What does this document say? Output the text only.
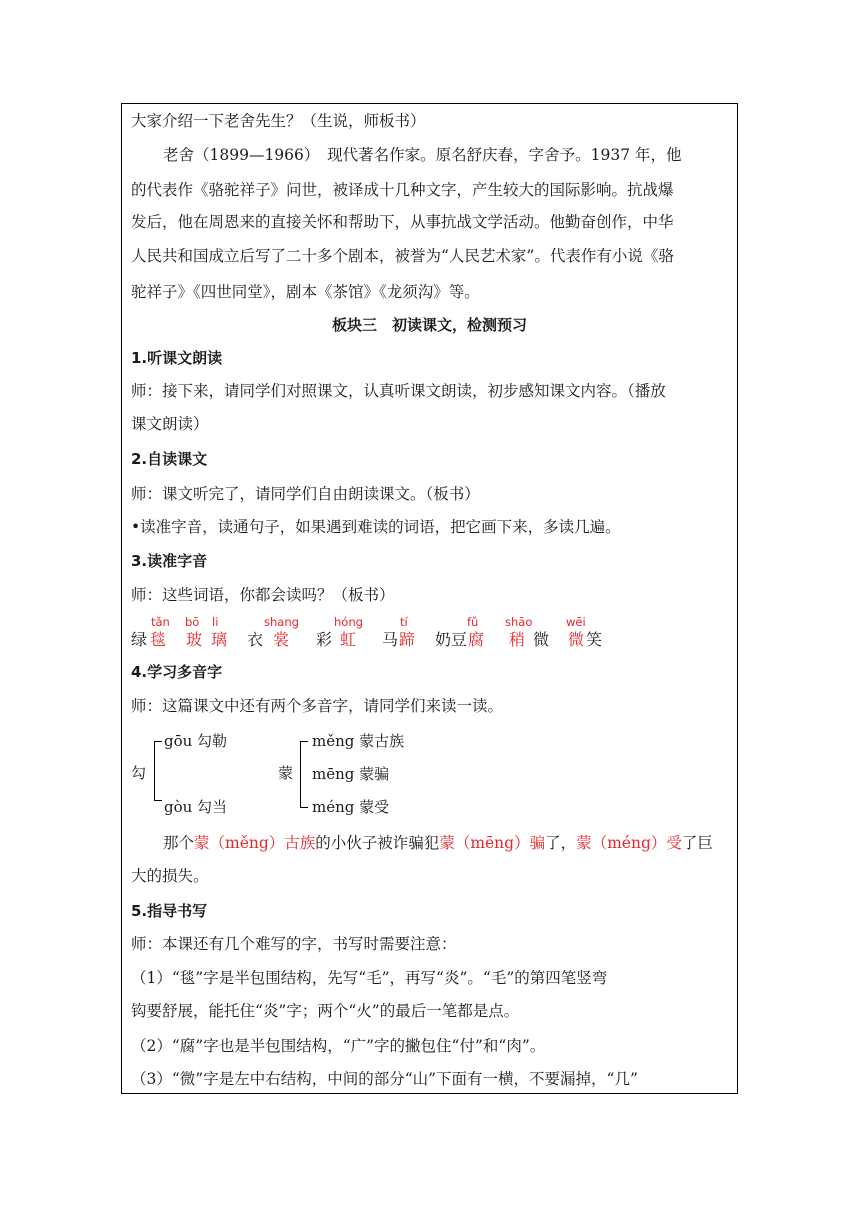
大家介绍一下老舍先生？（生说，师板书）
老舍（1899—1966）　现代著名作家。原名舒庆春，字舍予。1937 年，他
的代表作《骆驼祥子》问世，被译成十几种文字，产生较大的国际影响。抗战爆
发后，他在周恩来的直接关怀和帮助下，从事抗战文学活动。他勤奋创作，中华
人民共和国成立后写了二十多个剧本，被誉为“人民艺术家”。代表作有小说《骆
驼祥子》《四世同堂》，剧本《茶馆》《龙须沟》等。
板块三　初读课文，检测预习
1.听课文朗读
师：接下来，请同学们对照课文，认真听课文朗读，初步感知课文内容。（播放
课文朗读）
2.自读课文
师：课文听完了，请同学们自由朗读课文。（板书）
•读准字音，读通句子，如果遇到难读的词语，把它画下来，多读几遍。
3.读准字音
师：这些词语，你都会读吗？（板书）
tǎn bō li	shang	hóng	tí	fǔ shāo	wēi
绿 毯 玻 璃 衣 裳 彩 虹 马 蹄 奶豆 腐 稍 微 微 笑
4.学习多音字
师：这篇课文中还有两个多音字，请同学们来读一读。
勾
gōu 勾勒
gòu 勾当
蒙
měng 蒙古族
mēng 蒙骗
méng 蒙受
那个蒙（měng）古族的小伙子被诈骗犯蒙（mēng）骗了，蒙（méng）受了巨
大的损失。
5.指导书写
师：本课还有几个难写的字，书写时需要注意：
（1）“毯”字是半包围结构，先写“毛”，再写“炎”。“毛”的第四笔竖弯
钩要舒展，能托住“炎”字；两个“火”的最后一笔都是点。
（2）“腐”字也是半包围结构，“广”字的撇包住“付”和“肉”。
（3）“微”字是左中右结构，中间的部分“山”下面有一横，不要漏掉，“几”
